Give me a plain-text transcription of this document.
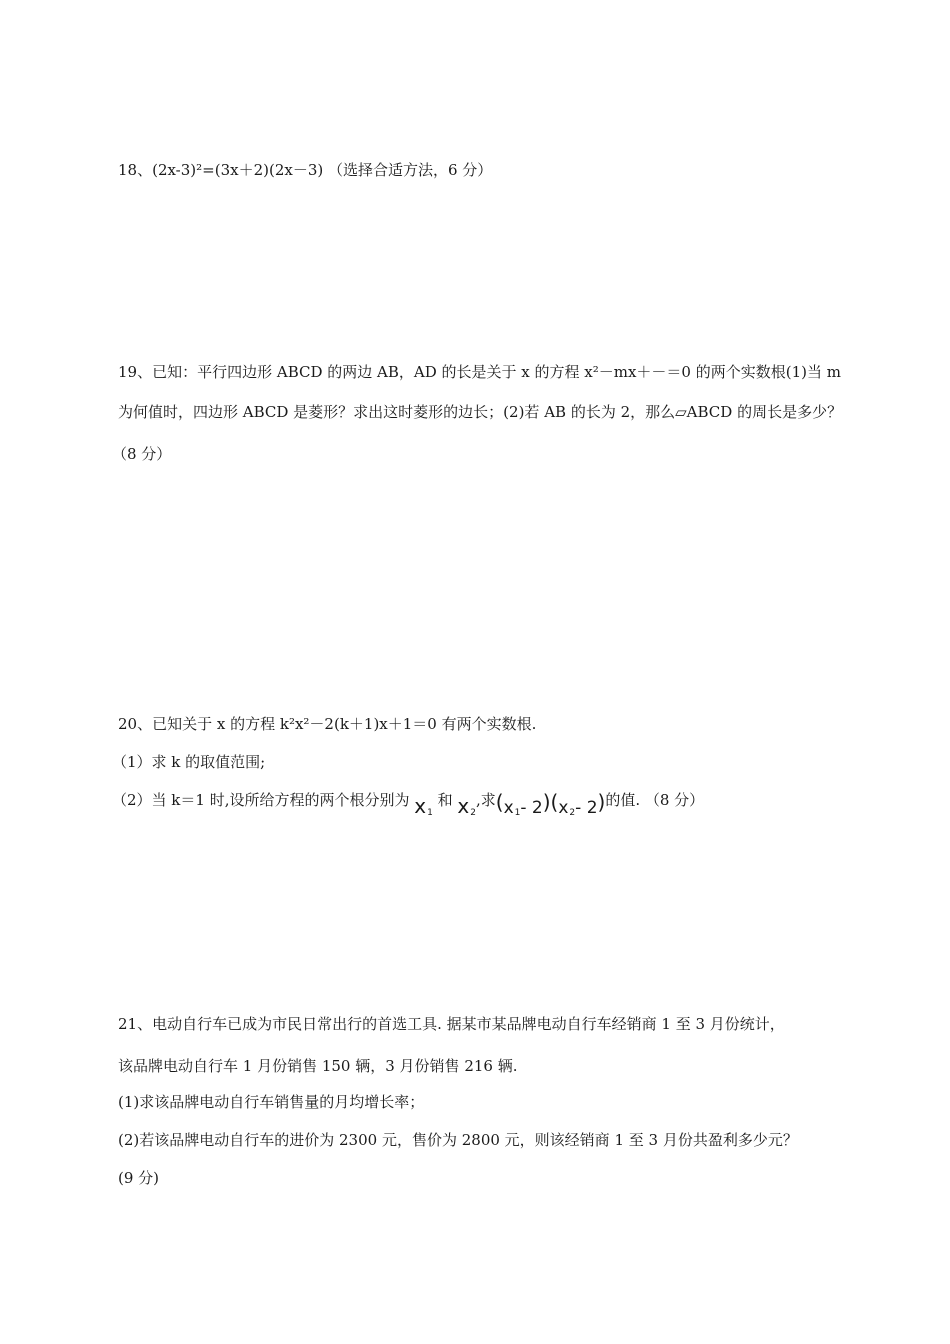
18、(2x-3)²=(3x＋2)(2x－3) （选择合适方法，6 分）
19、已知：平行四边形 ABCD 的两边 AB，AD 的长是关于 x 的方程 x²－mx＋－＝0 的两个实数根(1)当 m
为何值时，四边形 ABCD 是菱形？求出这时菱形的边长；(2)若 AB 的长为 2，那么▱ABCD 的周长是多少？
（8 分）
20、已知关于 x 的方程 k²x²－2(k＋1)x＋1＝0 有两个实数根.
（1）求 k 的取值范围;
（2）当 k＝1 时,设所给方程的两个根分别为 $x_1$ 和 $x_2$,求($x_1-$ $2)(x_2-$ 2)的值. （8 分）
21、电动自行车已成为市民日常出行的首选工具. 据某市某品牌电动自行车经销商 1 至 3 月份统计，
该品牌电动自行车 1 月份销售 150 辆，3 月份销售 216 辆.
(1)求该品牌电动自行车销售量的月均增长率；
(2)若该品牌电动自行车的进价为 2300 元，售价为 2800 元，则该经销商 1 至 3 月份共盈利多少元？
(9 分)
